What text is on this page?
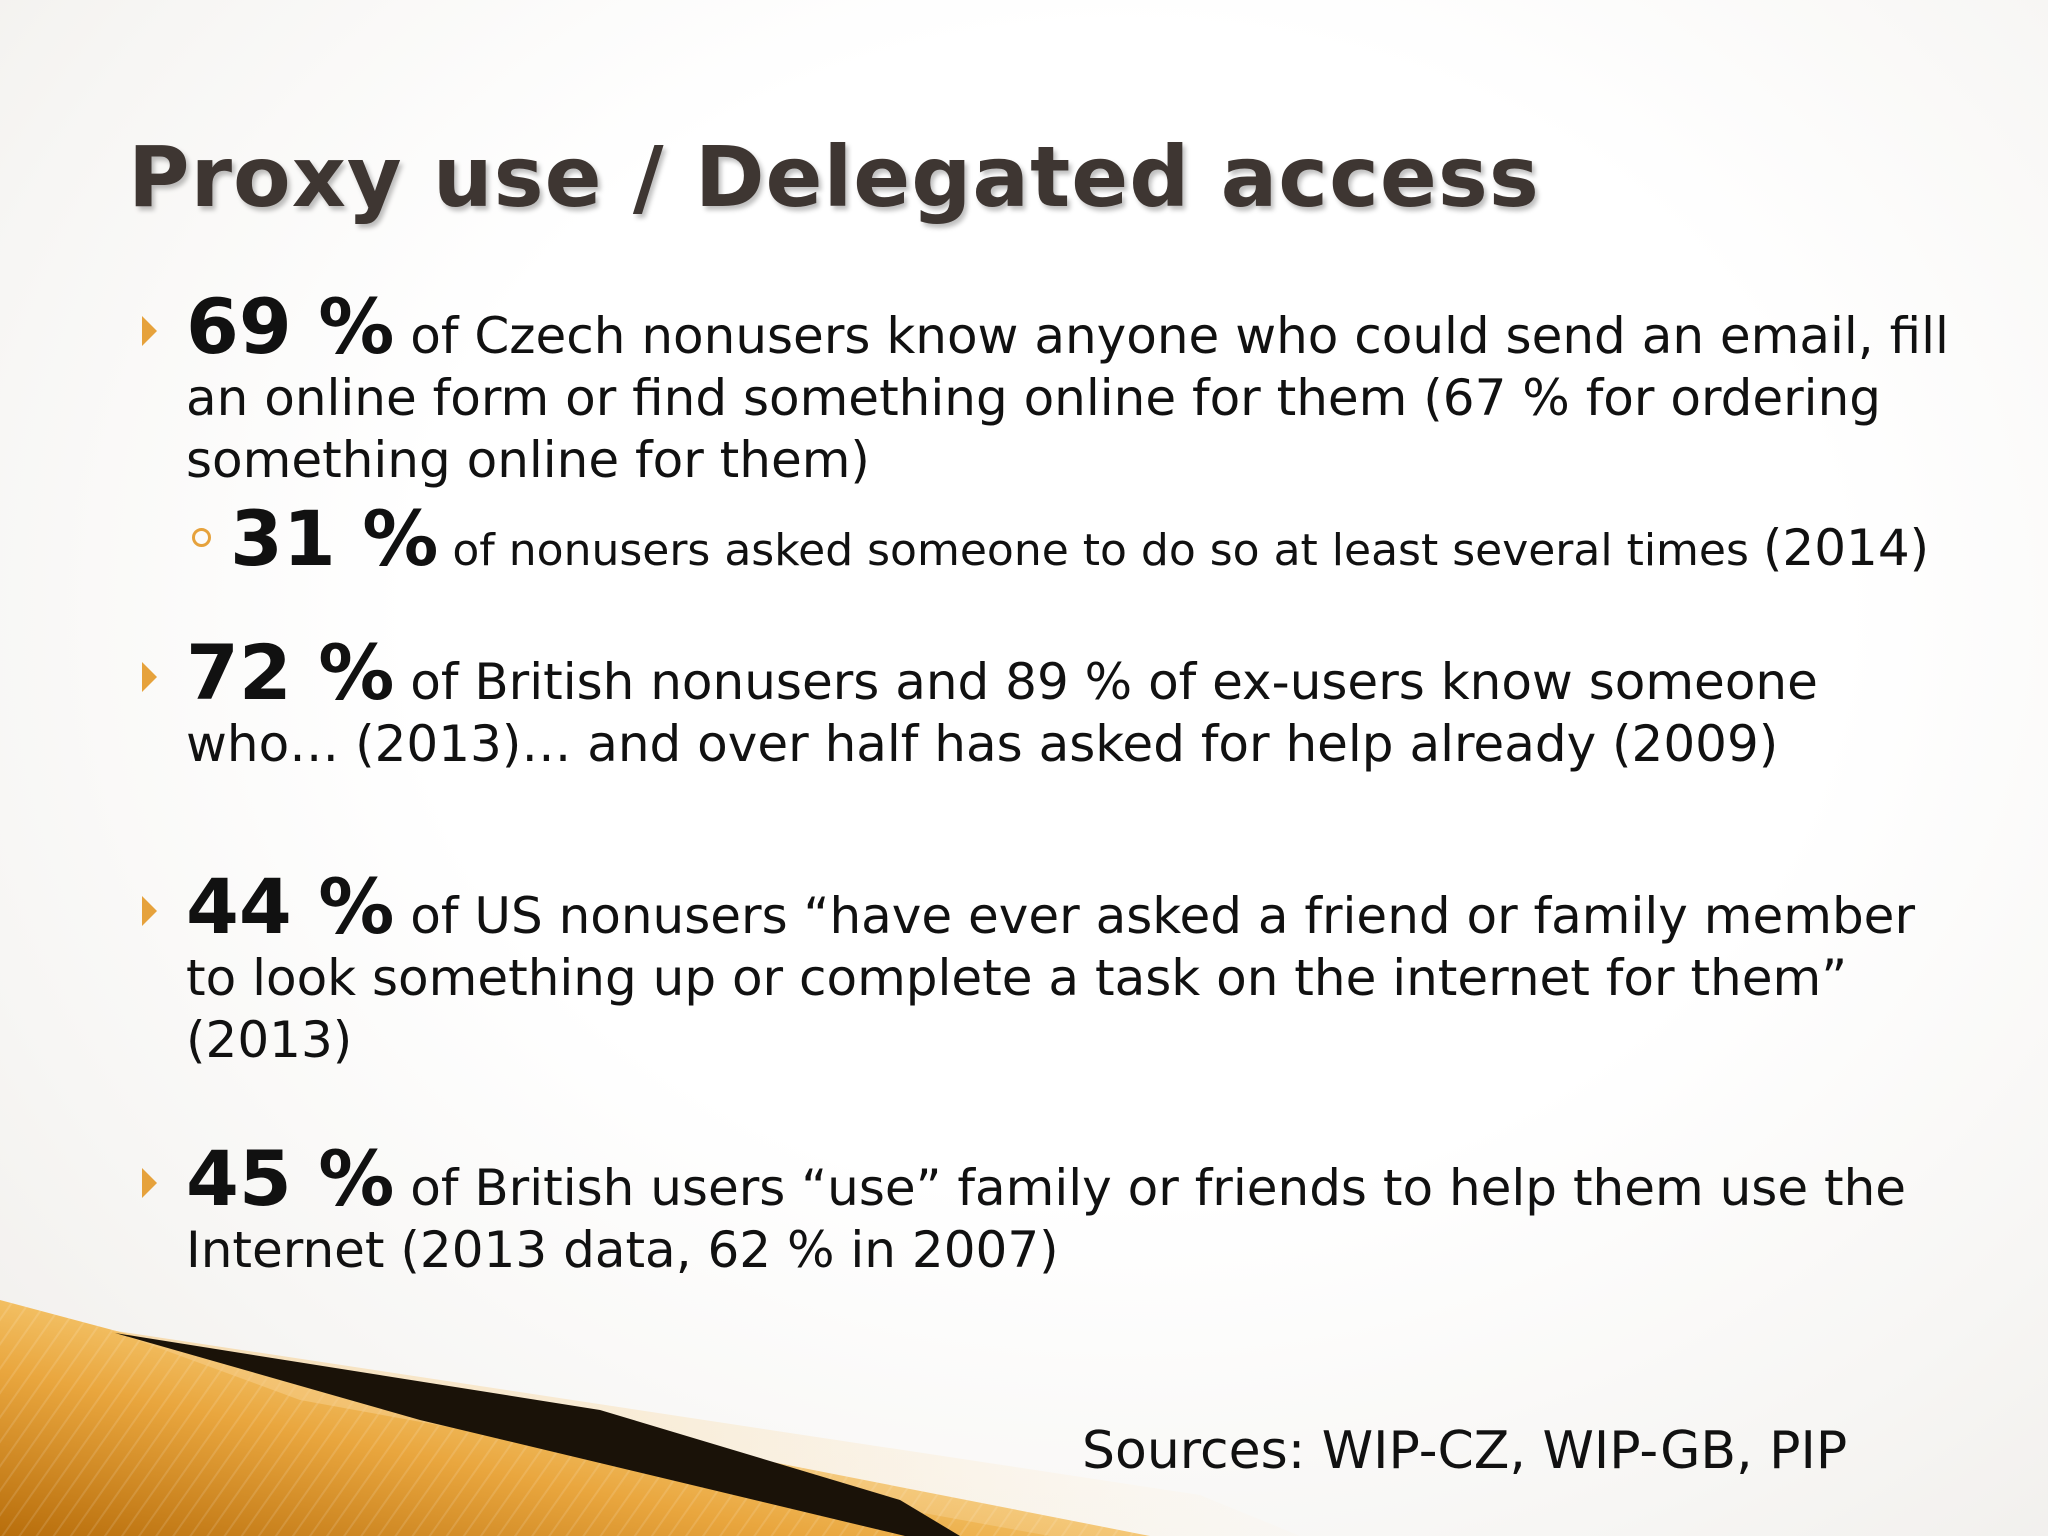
Proxy use / Delegated access
69 % of Czech nonusers know anyone who could send an email, fill an online form or find something online for them (67 % for ordering something online for them)
31 % of nonusers asked someone to do so at least several times (2014)
72 % of British nonusers and 89 % of ex-users know someone who… (2013)… and over half has asked for help already (2009)
44 % of US nonusers “have ever asked a friend or family member to look something up or complete a task on the internet for them” (2013)
45 % of British users “use” family or friends to help them use the Internet (2013 data, 62 % in 2007)
Sources: WIP-CZ, WIP-GB, PIP
